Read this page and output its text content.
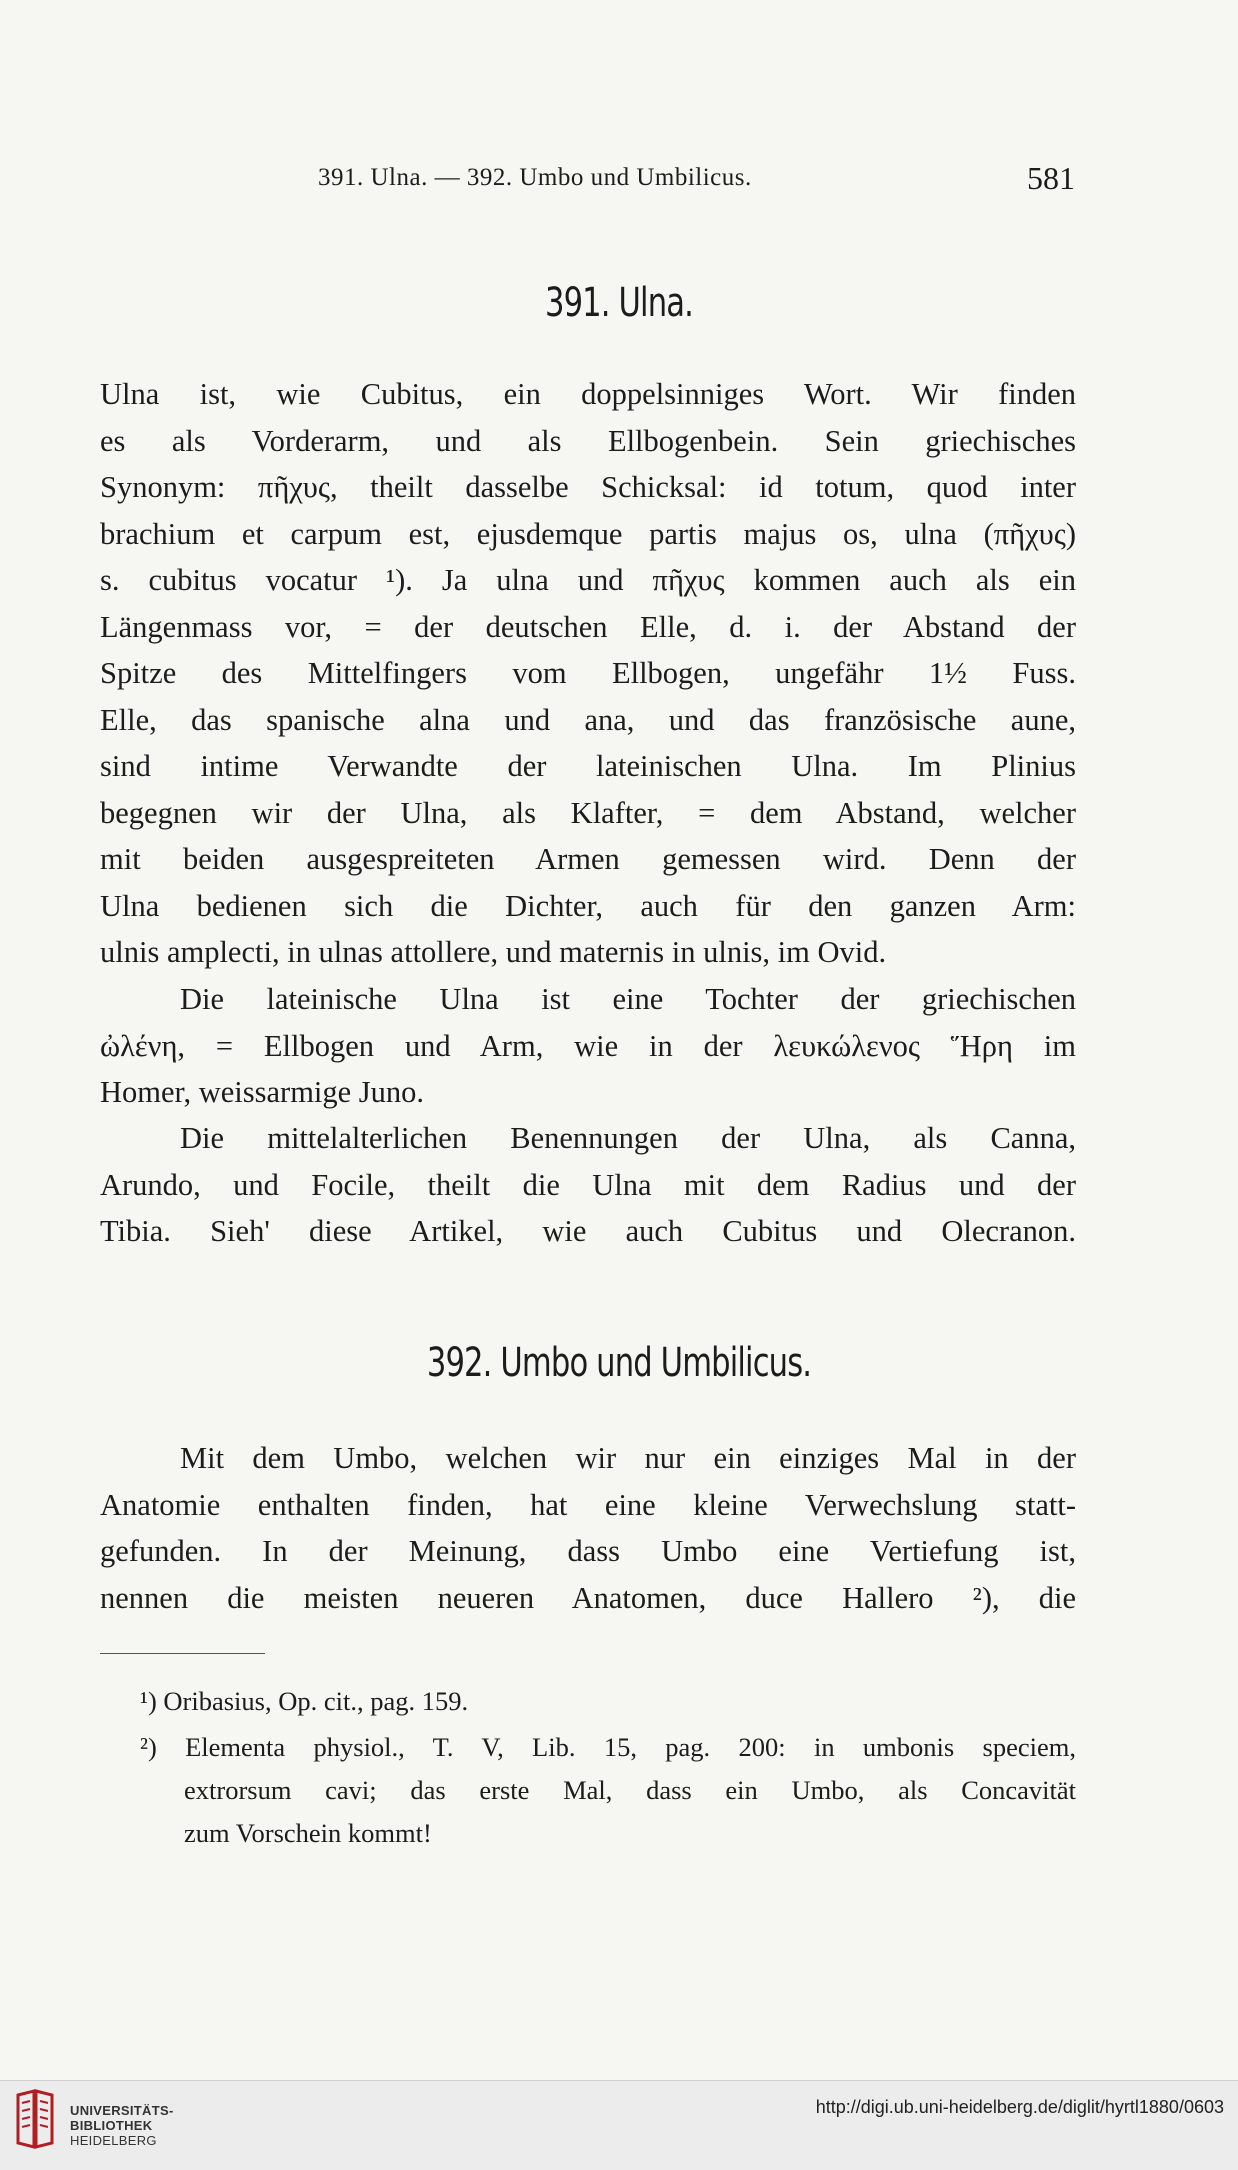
391. Ulna. — 392. Umbo und Umbilicus.	581
391. Ulna.
Ulna ist, wie Cubitus, ein doppelsinniges Wort. Wir finden
es als Vorderarm, und als Ellbogenbein. Sein griechisches
Synonym: πῆχυς, theilt dasselbe Schicksal: id totum, quod inter
brachium et carpum est, ejusdemque partis majus os, ulna (πῆχυς)
s. cubitus vocatur ¹). Ja ulna und πῆχυς kommen auch als ein
Längenmass vor, = der deutschen Elle, d. i. der Abstand der
Spitze des Mittelfingers vom Ellbogen, ungefähr 1½ Fuss.
Elle, das spanische alna und ana, und das französische aune,
sind intime Verwandte der lateinischen Ulna. Im Plinius
begegnen wir der Ulna, als Klafter, = dem Abstand, welcher
mit beiden ausgespreiteten Armen gemessen wird. Denn der
Ulna bedienen sich die Dichter, auch für den ganzen Arm:
ulnis amplecti, in ulnas attollere, und maternis in ulnis, im Ovid.
Die lateinische Ulna ist eine Tochter der griechischen
ὠλένη, = Ellbogen und Arm, wie in der λευκώλενος Ἥρη im
Homer, weissarmige Juno.
Die mittelalterlichen Benennungen der Ulna, als Canna,
Arundo, und Focile, theilt die Ulna mit dem Radius und der
Tibia. Sieh' diese Artikel, wie auch Cubitus und Olecranon.
392. Umbo und Umbilicus.
Mit dem Umbo, welchen wir nur ein einziges Mal in der
Anatomie enthalten finden, hat eine kleine Verwechslung statt-
gefunden. In der Meinung, dass Umbo eine Vertiefung ist,
nennen die meisten neueren Anatomen, duce Hallero ²), die
¹) Oribasius, Op. cit., pag. 159.
²) Elementa physiol., T. V, Lib. 15, pag. 200: in umbonis speciem,
extrorsum cavi; das erste Mal, dass ein Umbo, als Concavität
zum Vorschein kommt!
UNIVERSITÄTS-
BIBLIOTHEK
HEIDELBERG
http://digi.ub.uni-heidelberg.de/diglit/hyrtl1880/0603
